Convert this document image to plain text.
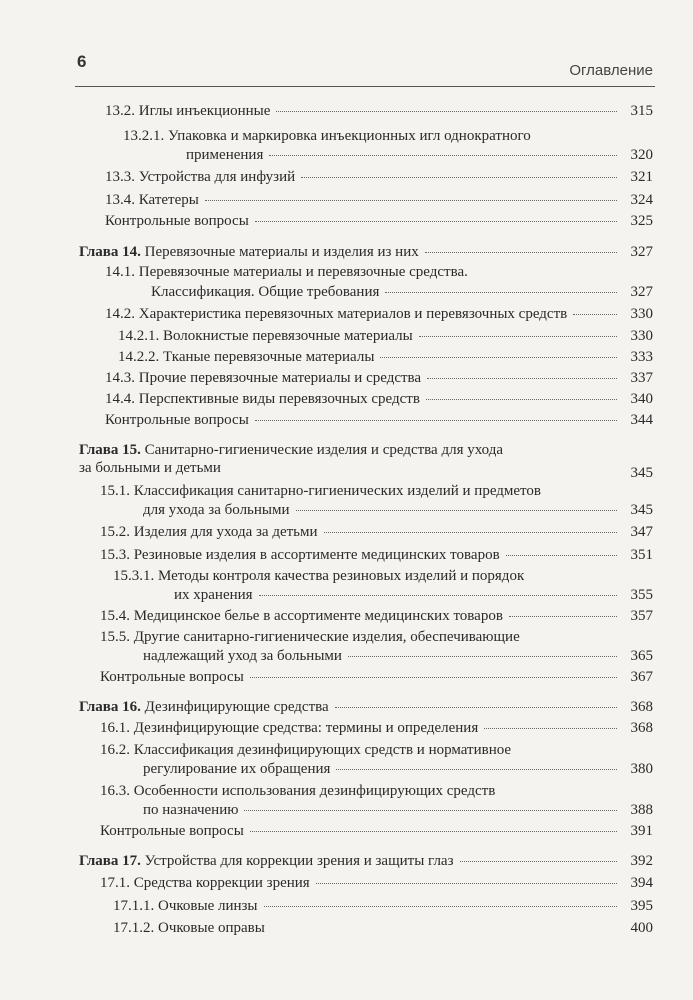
6	Оглавление
13.2. Иглы инъекционные	315
13.2.1. Упаковка и маркировка инъекционных игл однократного
применения	320
13.3. Устройства для инфузий	321
13.4. Катетеры	324
Контрольные вопросы	325
Глава 14. Перевязочные материалы и изделия из них	327
14.1. Перевязочные материалы и перевязочные средства.
Классификация. Общие требования	327
14.2. Характеристика перевязочных материалов и перевязочных средств	330
14.2.1. Волокнистые перевязочные материалы	330
14.2.2. Тканые перевязочные материалы	333
14.3. Прочие перевязочные материалы и средства	337
14.4. Перспективные виды перевязочных средств	340
Контрольные вопросы	344
Глава 15. Санитарно-гигиенические изделия и средства для ухода
за больными и детьми	345
15.1. Классификация санитарно-гигиенических изделий и предметов
для ухода за больными	345
15.2. Изделия для ухода за детьми	347
15.3. Резиновые изделия в ассортименте медицинских товаров	351
15.3.1. Методы контроля качества резиновых изделий и порядок
их хранения	355
15.4. Медицинское белье в ассортименте медицинских товаров	357
15.5. Другие санитарно-гигиенические изделия, обеспечивающие
надлежащий уход за больными	365
Контрольные вопросы	367
Глава 16. Дезинфицирующие средства	368
16.1. Дезинфицирующие средства: термины и определения	368
16.2. Классификация дезинфицирующих средств и нормативное
регулирование их обращения	380
16.3. Особенности использования дезинфицирующих средств
по назначению	388
Контрольные вопросы	391
Глава 17. Устройства для коррекции зрения и защиты глаз	392
17.1. Средства коррекции зрения	394
17.1.1. Очковые линзы	395
17.1.2. Очковые оправы	400
